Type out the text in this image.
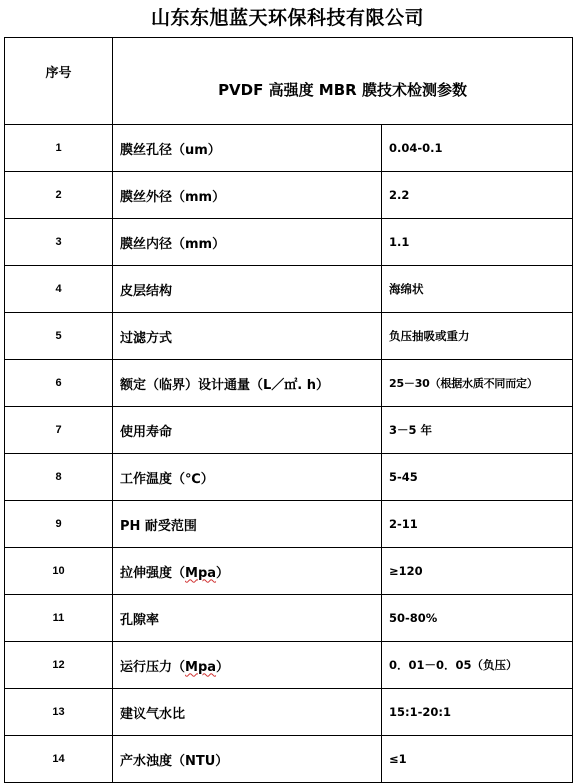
山东东旭蓝天环保科技有限公司
序号	PVDF 高强度 MBR 膜技术检测参数	
1	膜丝孔径（um）	0.04-0.1
2	膜丝外径（mm）	2.2
3	膜丝内径（mm）	1.1
4	皮层结构	海绵状
5	过滤方式	负压抽吸或重力
6	额定（临界）设计通量（L／㎡. h）	25－30（根据水质不同而定）
7	使用寿命	3－5 年
8	工作温度（℃）	5-45
9	PH 耐受范围	2-11
10	拉伸强度（Mpa）	≥120
11	孔隙率	50-80%
12	运行压力（Mpa）	0．01－0．05（负压）
13	建议气水比	15:1-20:1
14	产水浊度（NTU）	≤1
